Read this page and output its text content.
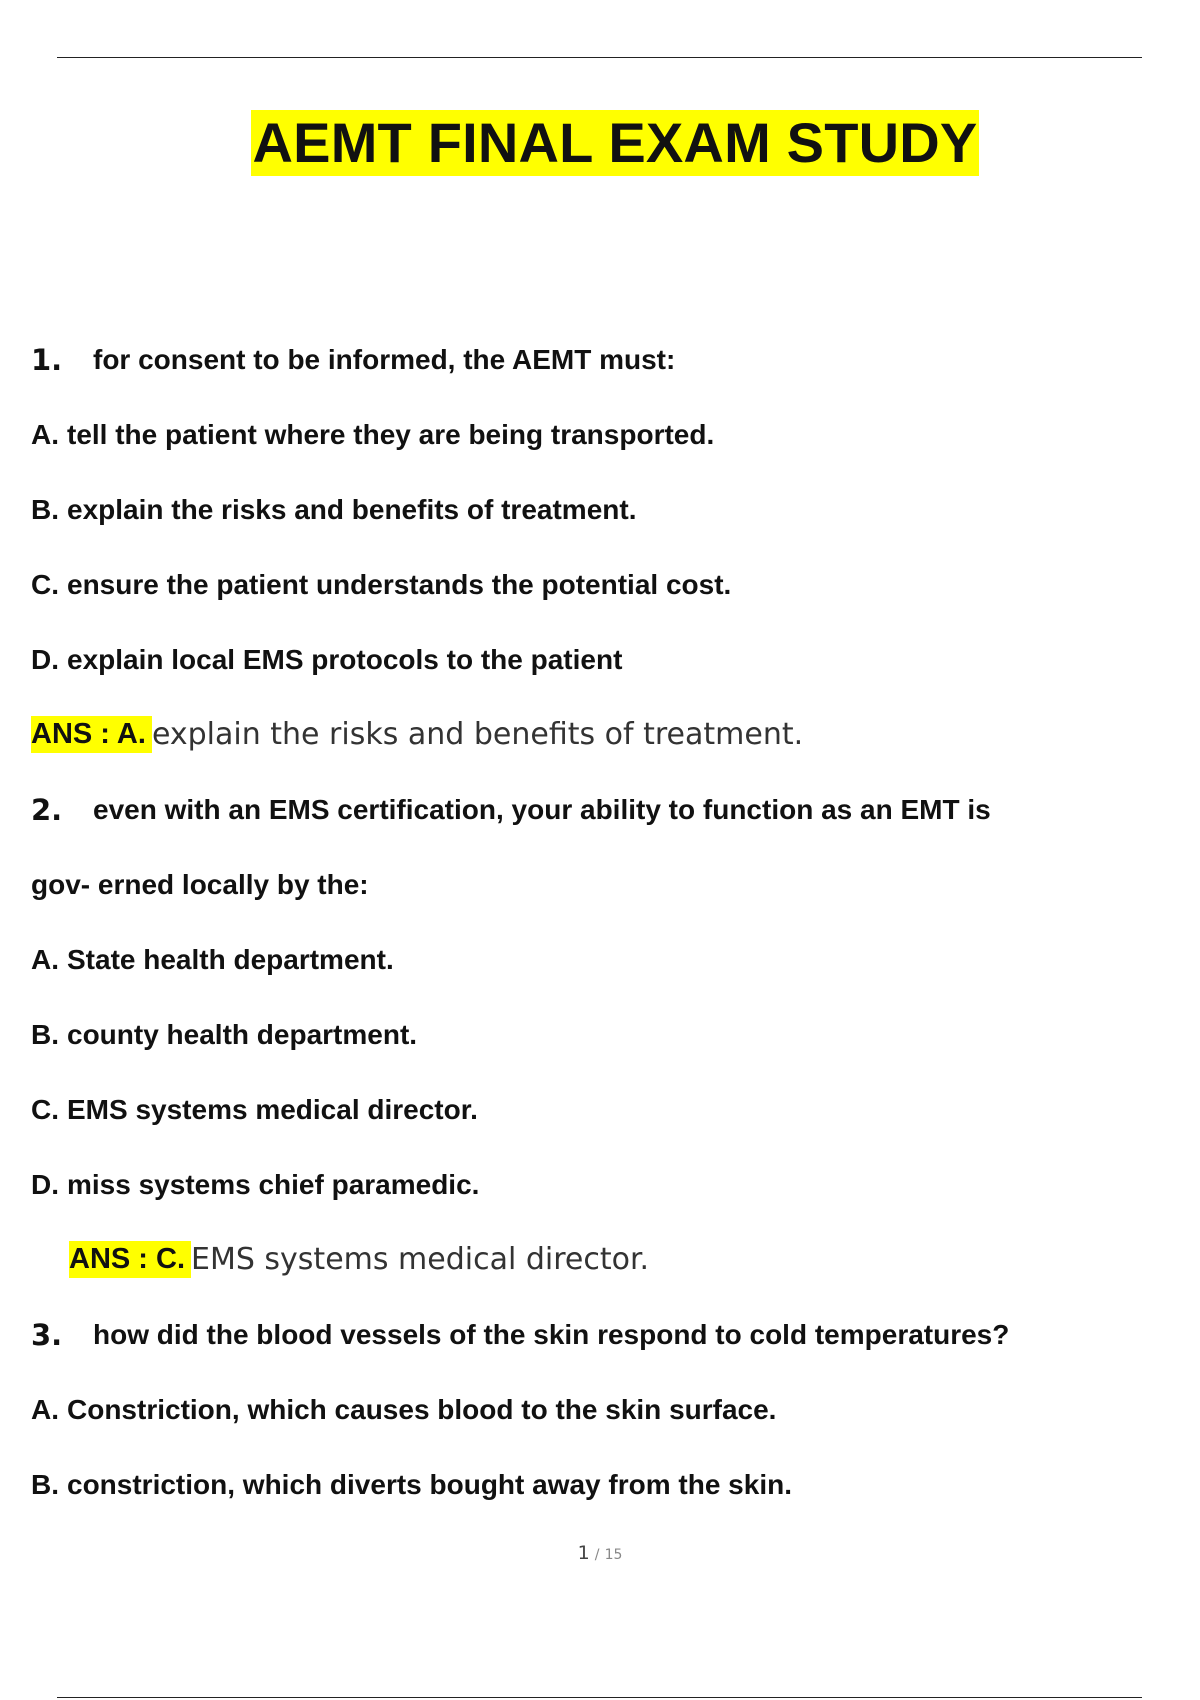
AEMT FINAL EXAM STUDY
1.	for consent to be informed, the AEMT must:
A. tell the patient where they are being transported.
B. explain the risks and benefits of treatment.
C. ensure the patient understands the potential cost.
D. explain local EMS protocols to the patient
ANS : A. explain the risks and benefits of treatment.
2.	even with an EMS certification, your ability to function as an EMT is
gov- erned locally by the:
A. State health department.
B. county health department.
C. EMS systems medical director.
D. miss systems chief paramedic.
ANS : C. EMS systems medical director.
3.	how did the blood vessels of the skin respond to cold temperatures?
A. Constriction, which causes blood to the skin surface.
B. constriction, which diverts bought away from the skin.
1 / 15
